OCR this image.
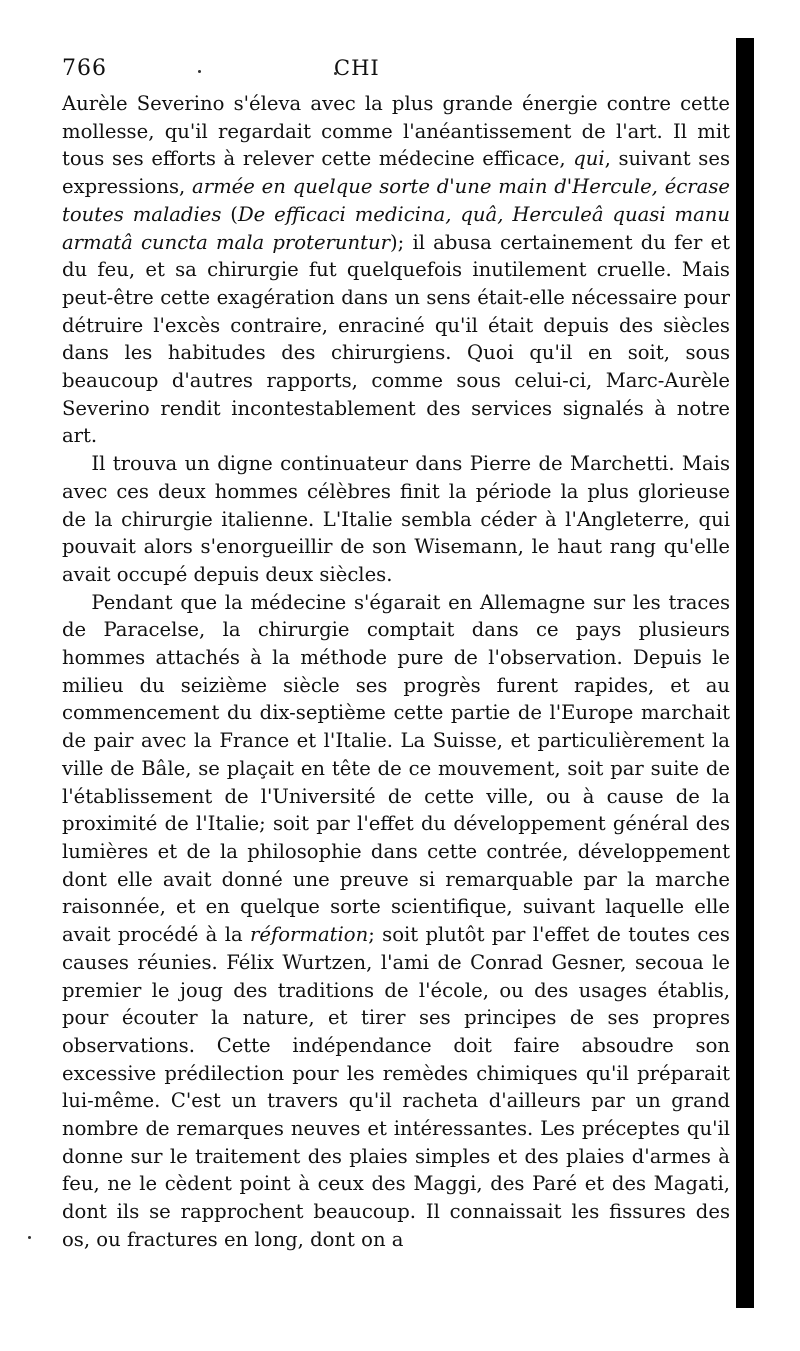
766	CHI

Aurèle Severino s'éleva avec la plus grande énergie contre cette mollesse, qu'il regardait comme l'anéantissement de l'art. Il mit tous ses efforts à relever cette médecine efficace, qui, suivant ses expressions, armée en quelque sorte d'une main d'Hercule, écrase toutes maladies (De efficaci medicina, quâ, Herculeâ quasi manu armatâ cuncta mala proteruntur); il abusa certainement du fer et du feu, et sa chirurgie fut quelquefois inutilement cruelle. Mais peut-être cette exagération dans un sens était-elle nécessaire pour détruire l'excès contraire, enraciné qu'il était depuis des siècles dans les habitudes des chirurgiens. Quoi qu'il en soit, sous beaucoup d'autres rapports, comme sous celui-ci, Marc-Aurèle Severino rendit incontestablement des services signalés à notre art.

Il trouva un digne continuateur dans Pierre de Marchetti. Mais avec ces deux hommes célèbres finit la période la plus glorieuse de la chirurgie italienne. L'Italie sembla céder à l'Angleterre, qui pouvait alors s'enorgueillir de son Wisemann, le haut rang qu'elle avait occupé depuis deux siècles.

Pendant que la médecine s'égarait en Allemagne sur les traces de Paracelse, la chirurgie comptait dans ce pays plusieurs hommes attachés à la méthode pure de l'observation. Depuis le milieu du seizième siècle ses progrès furent rapides, et au commencement du dix-septième cette partie de l'Europe marchait de pair avec la France et l'Italie. La Suisse, et particulièrement la ville de Bâle, se plaçait en tête de ce mouvement, soit par suite de l'établissement de l'Université de cette ville, ou à cause de la proximité de l'Italie; soit par l'effet du développement général des lumières et de la philosophie dans cette contrée, développement dont elle avait donné une preuve si remarquable par la marche raisonnée, et en quelque sorte scientifique, suivant laquelle elle avait procédé à la réformation; soit plutôt par l'effet de toutes ces causes réunies. Félix Wurtzen, l'ami de Conrad Gesner, secoua le premier le joug des traditions de l'école, ou des usages établis, pour écouter la nature, et tirer ses principes de ses propres observations. Cette indépendance doit faire absoudre son excessive prédilection pour les remèdes chimiques qu'il préparait lui-même. C'est un travers qu'il racheta d'ailleurs par un grand nombre de remarques neuves et intéressantes. Les préceptes qu'il donne sur le traitement des plaies simples et des plaies d'armes à feu, ne le cèdent point à ceux des Maggi, des Paré et des Magati, dont ils se rapprochent beaucoup. Il connaissait les fissures des os, ou fractures en long, dont on a
